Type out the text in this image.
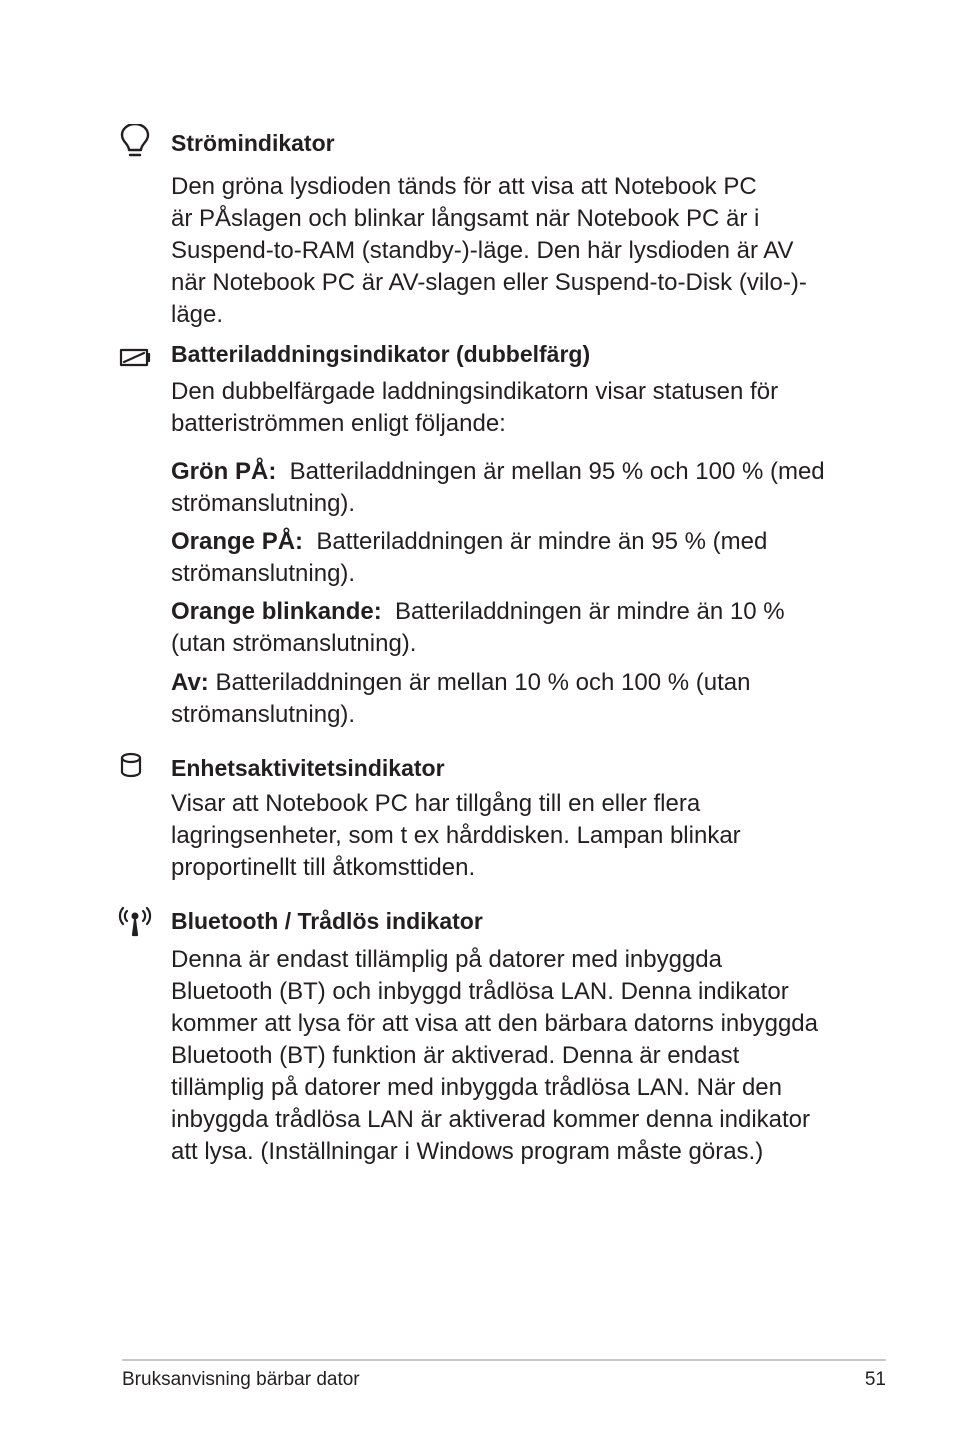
Strömindikator

Den gröna lysdioden tänds för att visa att Notebook PC
är PÅslagen och blinkar långsamt när Notebook PC är i
Suspend-to-RAM (standby-)-läge. Den här lysdioden är AV
när Notebook PC är AV-slagen eller Suspend-to-Disk (vilo-)-
läge.

Batteriladdningsindikator (dubbelfärg)

Den dubbelfärgade laddningsindikatorn visar statusen för
batteriströmmen enligt följande:

Grön PÅ:  Batteriladdningen är mellan 95 % och 100 % (med
strömanslutning).

Orange PÅ:  Batteriladdningen är mindre än 95 % (med
strömanslutning).

Orange blinkande:  Batteriladdningen är mindre än 10 %
(utan strömanslutning).

Av: Batteriladdningen är mellan 10 % och 100 % (utan
strömanslutning).

Enhetsaktivitetsindikator

Visar att Notebook PC har tillgång till en eller flera
lagringsenheter, som t ex hårddisken. Lampan blinkar
proportinellt till åtkomsttiden.

Bluetooth / Trådlös indikator

Denna är endast tillämplig på datorer med inbyggda
Bluetooth (BT) och inbyggd trådlösa LAN. Denna indikator
kommer att lysa för att visa att den bärbara datorns inbyggda
Bluetooth (BT) funktion är aktiverad. Denna är endast
tillämplig på datorer med inbyggda trådlösa LAN. När den
inbyggda trådlösa LAN är aktiverad kommer denna indikator
att lysa. (Inställningar i Windows program måste göras.)

Bruksanvisning bärbar dator	51
